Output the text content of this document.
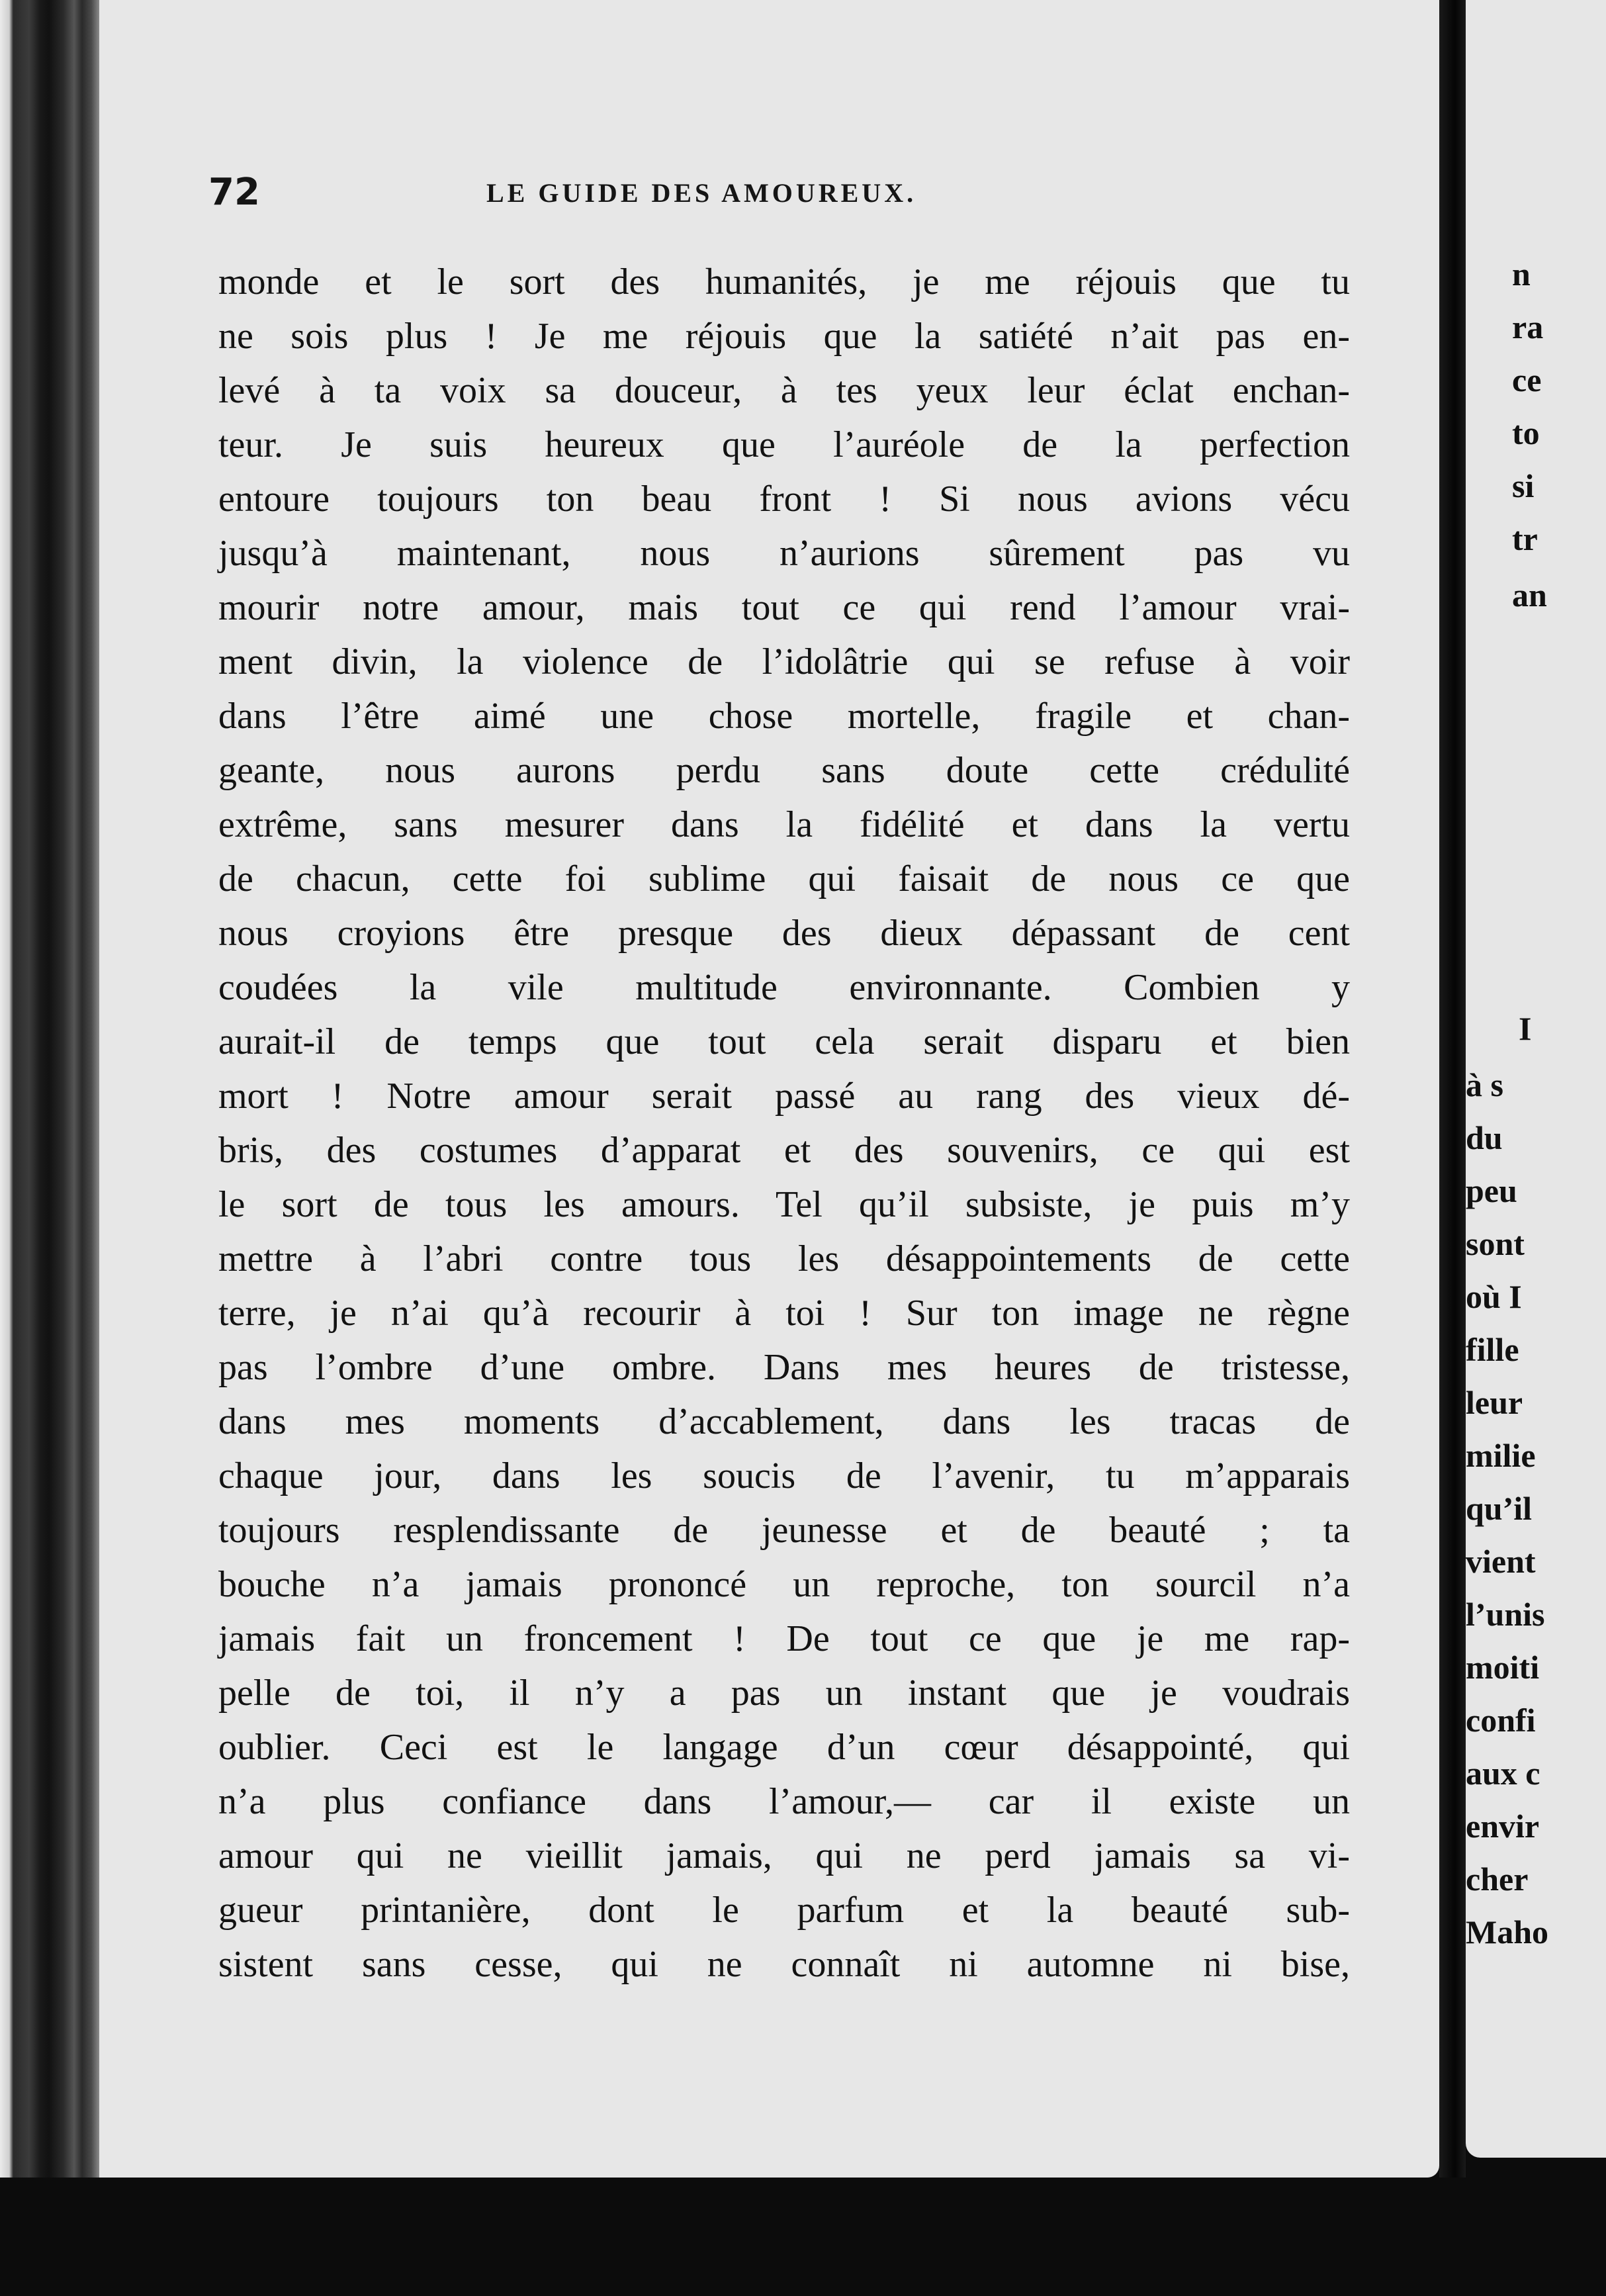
72	LE GUIDE DES AMOUREUX.
monde et le sort des humanités, je me réjouis que tu
ne sois plus ! Je me réjouis que la satiété n’ait pas en-
levé à ta voix sa douceur, à tes yeux leur éclat enchan-
teur. Je suis heureux que l’auréole de la perfection
entoure toujours ton beau front ! Si nous avions vécu
jusqu’à maintenant, nous n’aurions sûrement pas vu
mourir notre amour, mais tout ce qui rend l’amour vrai-
ment divin, la violence de l’idolâtrie qui se refuse à voir
dans l’être aimé une chose mortelle, fragile et chan-
geante, nous aurons perdu sans doute cette crédulité
extrême, sans mesurer dans la fidélité et dans la vertu
de chacun, cette foi sublime qui faisait de nous ce que
nous croyions être presque des dieux dépassant de cent
coudées la vile multitude environnante. Combien y
aurait-il de temps que tout cela serait disparu et bien
mort ! Notre amour serait passé au rang des vieux dé-
bris, des costumes d’apparat et des souvenirs, ce qui est
le sort de tous les amours. Tel qu’il subsiste, je puis m’y
mettre à l’abri contre tous les désappointements de cette
terre, je n’ai qu’à recourir à toi ! Sur ton image ne règne
pas l’ombre d’une ombre. Dans mes heures de tristesse,
dans mes moments d’accablement, dans les tracas de
chaque jour, dans les soucis de l’avenir, tu m’apparais
toujours resplendissante de jeunesse et de beauté ; ta
bouche n’a jamais prononcé un reproche, ton sourcil n’a
jamais fait un froncement ! De tout ce que je me rap-
pelle de toi, il n’y a pas un instant que je voudrais
oublier. Ceci est le langage d’un cœur désappointé, qui
n’a plus confiance dans l’amour,— car il existe un
amour qui ne vieillit jamais, qui ne perd jamais sa vi-
gueur printanière, dont le parfum et la beauté sub-
sistent sans cesse, qui ne connaît ni automne ni bise,
n
ra
ce
to
si
tr
an
I
à s
du
peu
sont
où I
fille
leur
milie
qu’il
vient
l’unis
moiti
confi
aux c
envir
cher
Maho
